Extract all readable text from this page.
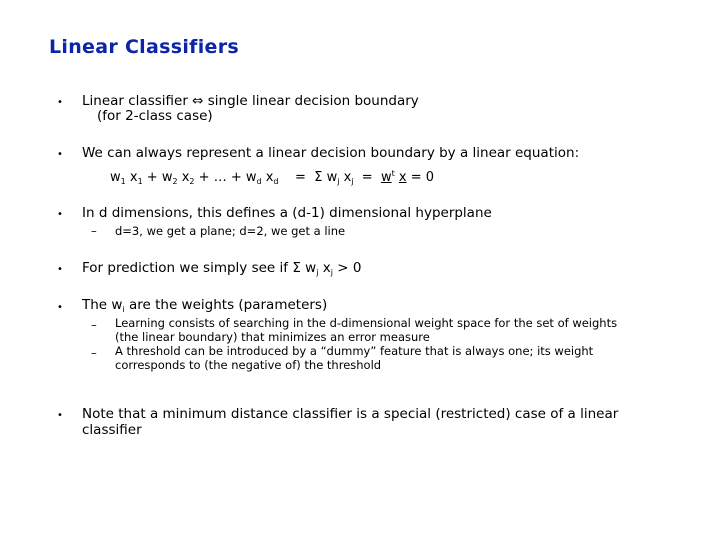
Linear Classifiers
• Linear classifier ⇔ single linear decision boundary
(for 2-class case)
• We can always represent a linear decision boundary by a linear equation:
$w_1$ $x_1 + w_2$ $x_2$ + … + $w_d$ $x_d$    =  Σ $w_j$ $x_j = w^t$ x = 0
• In d dimensions, this defines a (d-1) dimensional hyperplane
– d=3, we get a plane; d=2, we get a line
• For prediction we simply see if Σ $w_j$ $x_j > 0$
• The $w_i$ are the weights (parameters)
– Learning consists of searching in the d-dimensional weight space for the set of weights
(the linear boundary) that minimizes an error measure
– A threshold can be introduced by a “dummy” feature that is always one; its weight
corresponds to (the negative of) the threshold
• Note that a minimum distance classifier is a special (restricted) case of a linear
classifier
